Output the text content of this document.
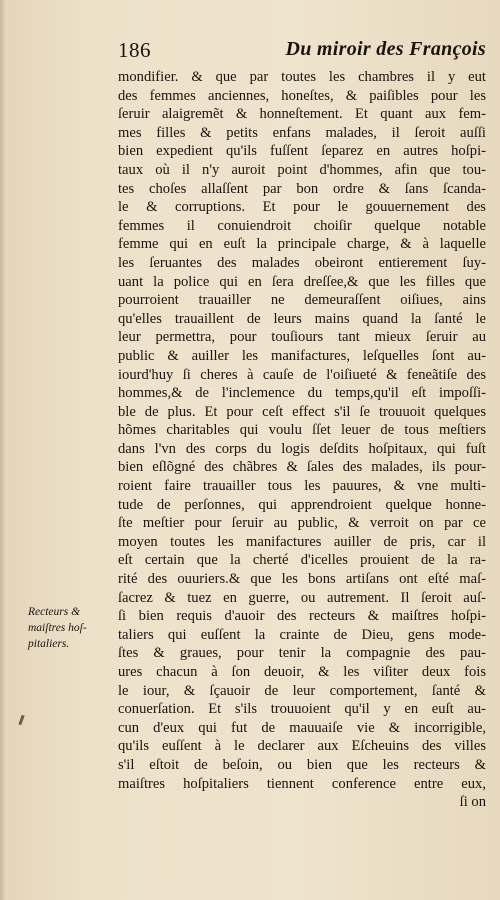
186	Du miroir des François
mondifier. & que par toutes les chambres il y eut
des femmes anciennes, honeſtes, & paiſibles pour les
ſeruir alaigremẽt & honneſtement. Et quant aux fem-
mes filles & petits enfans malades, il ſeroit auſſi
bien expedient qu'ils fuſſent ſeparez en autres hoſpi-
taux où il n'y auroit point d'hommes, afin que tou-
tes choſes allaſſent par bon ordre & ſans ſcanda-
le & corruptions. Et pour le gouuernement des
femmes il conuiendroit choiſir quelque notable
femme qui en euſt la principale charge, & à laquelle
les ſeruantes des malades obeiront entierement ſuy-
uant la police qui en ſera dreſſee,& que les filles que
pourroient trauailler ne demeuraſſent oiſiues, ains
qu'elles trauaillent de leurs mains quand la ſanté le
leur permettra, pour touſiours tant mieux ſeruir au
public & auiller les manifactures, leſquelles ſont au-
iourd'huy ſi cheres à cauſe de l'oiſiueté & feneãtiſe des
hommes,& de l'inclemence du temps,qu'il eſt impoſſi-
ble de plus. Et pour ceſt effect s'il ſe trouuoit quelques
hõmes charitables qui voulu ſſet leuer de tous meſtiers
dans l'vn des corps du logis deſdits hoſpitaux, qui fuſt
bien eſlõgné des chãbres & ſales des malades, ils pour-
roient faire trauailler tous les pauures, & vne multi-
tude de perſonnes, qui apprendroient quelque honne-
ſte meſtier pour ſeruir au public, & verroit on par ce
moyen toutes les manifactures auiller de pris, car il
eſt certain que la cherté d'icelles prouient de la ra-
rité des ouuriers.& que les bons artiſans ont eſté maſ-
ſacrez & tuez en guerre, ou autrement. Il ſeroit auſ-
ſi bien requis d'auoir des recteurs & maiſtres hoſpi-
taliers qui euſſent la crainte de Dieu, gens mode-
ſtes & graues, pour tenir la compagnie des pau-
ures chacun à ſon deuoir, & les viſiter deux fois
le iour, & ſçauoir de leur comportement, ſanté &
conuerſation. Et s'ils trouuoient qu'il y en euſt au-
cun d'eux qui fut de mauuaiſe vie & incorrigible,
qu'ils euſſent à le declarer aux Eſcheuins des villes
s'il eſtoit de beſoin, ou bien que les recteurs &
maiſtres hoſpitaliers tiennent conference entre eux,
ſi on
Recteurs &
maiſtres hoſ-
pitaliers.
